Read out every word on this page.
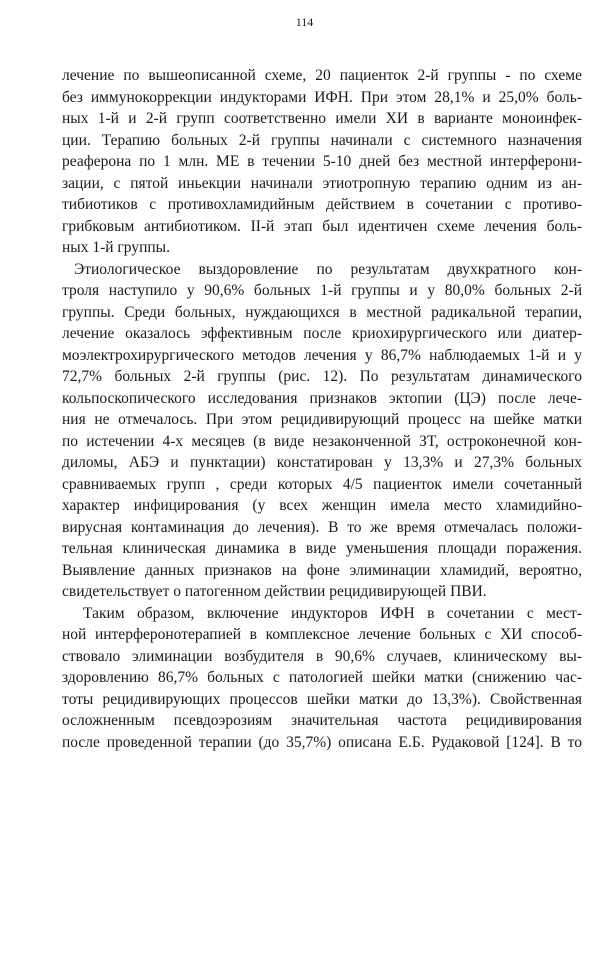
114
лечение по вышеописанной схеме, 20 пациенток 2-й группы - по схеме
без иммунокоррекции индукторами ИФН. При этом 28,1% и 25,0% боль-
ных 1-й и 2-й групп соответственно имели ХИ в варианте моноинфек-
ции. Терапию больных 2-й группы начинали с системного назначения
реаферона по 1 млн. МЕ в течении 5-10 дней без местной интерферони-
зации, с пятой иньекции начинали этиотропную терапию одним из ан-
тибиотиков с противохламидийным действием в сочетании с противо-
грибковым антибиотиком. II-й этап был идентичен схеме лечения боль-
ных 1-й группы.
Этиологическое выздоровление по результатам двухкратного кон-
троля наступило у 90,6% больных 1-й группы и у 80,0% больных 2-й
группы. Среди больных, нуждающихся в местной радикальной терапии,
лечение оказалось эффективным после криохирургического или диатер-
моэлектрохирургического методов лечения у 86,7% наблюдаемых 1-й и у
72,7% больных 2-й группы (рис. 12). По результатам динамического
кольпоскопического исследования признаков эктопии (ЦЭ) после лече-
ния не отмечалось. При этом рецидивирующий процесс на шейке матки
по истечении 4-х месяцев (в виде незаконченной ЗТ, остроконечной кон-
диломы, АБЭ и пунктации) констатирован у 13,3% и 27,3% больных
сравниваемых групп , среди которых 4/5 пациенток имели сочетанный
характер инфицирования (у всех женщин имела место хламидийно-
вирусная контаминация до лечения). В то же время отмечалась положи-
тельная клиническая динамика в виде уменьшения площади поражения.
Выявление данных признаков на фоне элиминации хламидий, вероятно,
свидетельствует о патогенном действии рецидивирующей ПВИ.
Таким образом, включение индукторов ИФН в сочетании с мест-
ной интерферонотерапией в комплексное лечение больных с ХИ способ-
ствовало элиминации возбудителя в 90,6% случаев, клиническому вы-
здоровлению 86,7% больных с патологией шейки матки (снижению час-
тоты рецидивирующих процессов шейки матки до 13,3%). Свойственная
осложненным псевдоэрозиям значительная частота рецидивирования
после проведенной терапии (до 35,7%) описана Е.Б. Рудаковой [124]. В то
